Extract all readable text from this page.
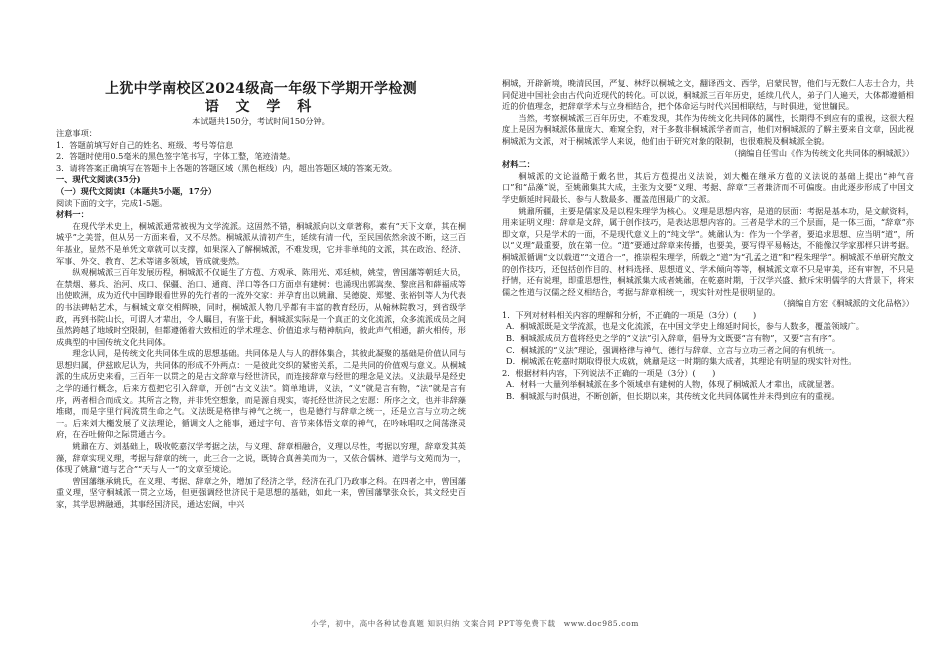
上犹中学南校区2024级高一年级下学期开学检测
语 文 学 科
本试题共150分，考试时间150分钟。

注意事项：

1．答题前填写好自己的姓名、班级、考号等信息

2．答题时使用0.5毫米的黑色签字笔书写，字体工整，笔迹清楚。

3．请将答案正确填写在答题卡上各题的答题区域（黑色框线）内，超出答题区域的答案无效。

一、现代文阅读(35分)

（一）现代文阅读Ⅰ（本题共5小题，17分）

阅读下面的文字，完成1-5题。

材料一：

在现代学术史上，桐城派通常被视为文学流派。这固然不错，桐城派向以文章著称，素有“天下文章，其在桐城乎”之美誉，但从另一方面来看，又不尽然。桐城派从清初产生，延续有清一代，至民国依然余波不断，这三百年基业，显然不是单凭文章就可以支撑，如果深入了解桐城派，不难发现，它并非单纯的文派，其在政治、经济、军事、外交、教育、艺术等诸多领域，皆成就斐然。

纵观桐城派三百年发展历程，桐城派不仅诞生了方苞、方观承、陈用光、邓廷桢，姚莹，曾国藩等朝廷大员，在禁烟、募兵、治河、戍口、保疆、治口、通商、洋口等各口方面卓有建树：也涌现出郭嵩焘、黎庶昌和薛福成等出使欧洲，成为近代中国睁眼看世界的先行者的一流外交家：并孕育出以姚鼐、吴德旋、郑燮、张裕钊等人为代表的书法碑帖艺术，与桐城文章交相辉映，同时，桐城派人物几乎都有丰富的教育经历，从翰林院教习，到省级学政，再到书院山长，可谓人才辈出，令人瞩目，有鉴于此，桐城派实际是一个真正的文化流派，众多流派成员之间虽然跨越了地域时空限制，但都遵循着大致相近的学术理念、价值追求与精神航向，彼此声气相通，薪火相传，形成典型的中国传统文化共同体。

理念认同，是传统文化共同体生成的思想基础。共同体是人与人的群体集合，其彼此凝聚的基础是价值认同与思想归属，伊兹欧尼认为，共同体的形成不外两点：一是彼此交织的紧密关系，二是共同的价值观与意义。从桐城派的生成历史来看，三百年一以贯之的是古文辞章与经世济民，而连接辞章与经世的理念是义法。义法最早是经史之学的通行概念，后来方苞把它引入辞章，开创“古文义法”。简单地讲，义法，“义”就是言有物，“法”就是言有序，两者相合而成文。其所言之物，并非凭空想象，而是源自现实，寄托经世济民之宏愿：所序之文，也并非辞藻堆砌，而是字里行间流贯生命之气。义法既是格律与神气之统一，也是德行与辞章之统一，还是立言与立功之统一。后来刘大櫆发展了义法理论，循调文人之能事，通过字句、音节来体悟文章的神气，在吟咏唱叹之间荡涤灵府，在吞吐俯仰之际贯通古今。

姚鼐在方、刘基础上，吸收乾嘉汉学考据之法，与义理、辞章相融合，义理以尽性，考据以穷理，辞章发其英藻，辞章实现义理，考据与辞章的统一，此三合一之说，既铸合真善美而为一，又依合儒林、道学与文苑而为一，体现了姚鼐“道与艺合”“天与人一”的文章至境论。

曾国藩继承姚氏，在义理、考据、辞章之外，增加了经济之学，经济在孔门乃政事之科。在四者之中，曾国藩重义理，坚守桐城派一贯之立场，但更强调经世济民于是思想的基础，如此一来，曾国藩擘张众长，其文经史百家，其学思辨融通，其事经国济民，通达宏阔，中兴

桐城，开辟新境，晚清民国，严复、林纾以桐城之文，翻译西文、西学，启蒙民智，他们与无数仁人志士合力，共同促进中国社会由古代向近现代的转化。可以说，桐城派三百年历史，延续几代人，弟子门人遍天，大体都遵循相近的价值理念，把辞章学术与立身相结合，把个体命运与时代兴国相联结，与时俱进，觉世牖民。

当然，考察桐城派三百年历史，不难发现，其作为传统文化共同体的属性，长期得不到应有的重视，这很大程度上是因为桐城派体量庞大、难窥全豹，对于多数非桐城派学者而言，他们对桐城派的了解主要来自文章，因此视桐城派为文派，对于桐城派学人来说，他们由于研究对象的限制，也很难脱及桐城派全貌。

（摘编自任雪山《作为传统文化共同体的桐城派》）

材料二：

桐城派的文论溢酷于戴名世，其后方苞提出义法说，刘大櫆在继承方苞的义法说的基础上提出“神气音口”和“品藻”说，至姚鼐集其大成，主张为文要“义理、考据、辞章”三者兼济而不可偏废。由此逐步形成了中国文学史颇延时间最长、参与人数最多、覆盖范围最广的文派。

姚鼐所疆，主要是儒家及是以程朱理学为核心。义理是思想内容，是道的层面：考据是基本功，是文献资料，用来证明义理：辞章是文辞，属于创作技巧，是表达思想内容的。三者是学术的三个层面，是一体三面，“辞章”亦即文章，只是学术的一面，不是现代意义上的“纯文学”。姚鼐认为：作为一个学者，要追求思想、应当明“道”，所以“义理”最重要，放在第一位。“道”要通过辞章来传播，也要美，要写得平易畅达，不能像汉学家那样只讲考据。桐城派循调“文以载道”“文道合一”，推崇程朱理学，所载之“道”为“孔孟之道”和“程朱理学”。桐城派不单研究散文的创作技巧，还包括创作目的、材料选择、思想道义、学术倾向等等，桐城派文章不只是审美，还有审智，不只是抒情，还有说理，即重思想性，桐城派集大成者姚鼐，在乾嘉时期，于汉学兴盛、掀斥宋明儒学的大背景下，将宋儒之性道与汉儒之经义相结合，考据与辞章相统一，现实针对性是很明显的。

（摘编自方宏《桐城派的文化品格》）

1．下列对材料相关内容的理解和分析，不正确的一项是（3分）(　　)

A．桐城派既是文学流派，也是文化流派，在中国文学史上绵延时间长，参与人数多，覆盖领域广。

B．桐城派成员方苞将经史之学的“义法”引入辞章，倡导为文既要“言有物”，又要“言有序”。

C．桐城派的“义法”理论，强调格律与神气、德行与辞章、立言与立功三者之间的有机统一。

D．桐城派在乾嘉时期取得很大成就，姚鼐是这一时期的集大成者，其理论有明显的现实针对性。

2．根据材料内容，下列说法不正确的一项是（3分）(　　)

A．材料一大量列举桐城派在多个领域卓有建树的人物，体现了桐城派人才辈出，成就显著。

B．桐城派与时俱进，不断创新，但长期以来，其传统文化共同体属性并未得到应有的重视。

小学，初中，高中各种试卷真题 知识归纳 文案合同 PPT等免费下载　www.doc985.com
